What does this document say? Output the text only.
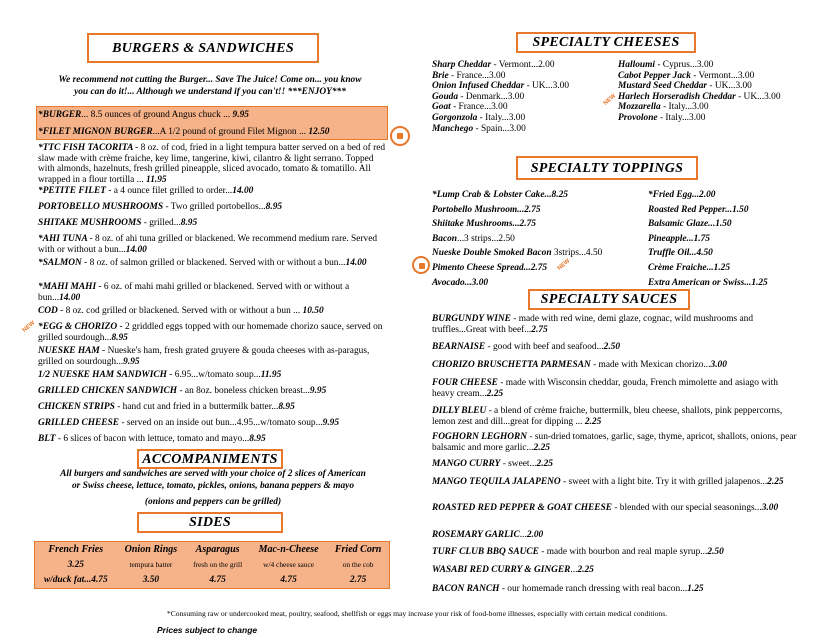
BURGERS & SANDWICHES
We recommend not cutting the Burger... Save The Juice! Come on... you know
you can do it!... Although we understand if you can't!! ***ENJOY***
*BURGER... 8.5 ounces of ground Angus chuck ... 9.95
*FILET MIGNON BURGER...A 1/2 pound of ground Filet Mignon ... 12.50
*TTC FISH TACORITA - 8 oz. of cod, fried in a light tempura batter served on a bed of red slaw made with crème fraiche, key lime, tangerine, kiwi, cilantro & light serrano. Topped with almonds, hazelnuts, fresh grilled pineapple, sliced avocado, tomato & tomatillo. All wrapped in a flour tortilla ... 11.95
*PETITE FILET - a 4 ounce filet grilled to order...14.00
PORTOBELLO MUSHROOMS - Two grilled portobellos...8.95
SHITAKE MUSHROOMS - grilled...8.95
*AHI TUNA - 8 oz. of ahi tuna grilled or blackened. We recommend medium rare. Served with or without a bun...14.00
*SALMON - 8 oz. of salmon grilled or blackened. Served with or without a bun...14.00
*MAHI MAHI - 6 oz. of mahi mahi grilled or blackened. Served with or without a bun...14.00
COD - 8 oz. cod grilled or blackened. Served with or without a bun ... 10.50
NEW *EGG & CHORIZO - 2 griddled eggs topped with our homemade chorizo sauce, served on grilled sourdough...8.95
NUESKE HAM - Nueske's ham, fresh grated gruyere & gouda cheeses with as-paragus, grilled on sourdough...9.95
1/2 NUESKE HAM SANDWICH - 6.95...w/tomato soup...11.95
GRILLED CHICKEN SANDWICH - an 8oz. boneless chicken breast...9.95
CHICKEN STRIPS - hand cut and fried in a buttermilk batter...8.95
GRILLED CHEESE - served on an inside out bun...4.95...w/tomato soup...9.95
BLT - 6 slices of bacon with lettuce, tomato and mayo...8.95
ACCOMPANIMENTS
All burgers and sandwiches are served with your choice of 2 slices of American
or Swiss cheese, lettuce, tomato, pickles, onions, banana peppers & mayo
(onions and peppers can be grilled)
SIDES
French Fries	Onion Rings	Asparagus	Mac-n-Cheese	Fried Corn
3.25	tempura batter	fresh on the grill	w/4 cheese sauce	on the cob
w/duck fat...4.75	3.50	4.75	4.75	2.75
SPECIALTY CHEESES
Sharp Cheddar - Vermont...2.00
Brie - France...3.00
Onion Infused Cheddar - UK...3.00
Gouda - Denmark...3.00
Goat - France...3.00
Gorgonzola - Italy...3.00
Manchego - Spain...3.00
NEW
Halloumi - Cyprus...3.00
Cabot Pepper Jack - Vermont...3.00
Mustard Seed Cheddar - UK...3.00
Harlech Horseradish Cheddar - UK...3.00
Mozzarella - Italy...3.00
Provolone - Italy...3.00
SPECIALTY TOPPINGS
*Lump Crab & Lobster Cake...8.25
Portobello Mushroom...2.75
Shiitake Mushrooms...2.75
Bacon...3 strips...2.50
Nueske Double Smoked Bacon 3strips...4.50
Pimento Cheese Spread...2.75
Avocado...3.00
NEW
*Fried Egg...2.00
Roasted Red Pepper...1.50
Balsamic Glaze...1.50
Pineapple...1.75
Truffle Oil...4.50
Crème Fraiche...1.25
Extra American or Swiss...1.25
SPECIALTY SAUCES
BURGUNDY WINE - made with red wine, demi glaze, cognac, wild mushrooms and truffles...Great with beef...2.75
BEARNAISE - good with beef and seafood...2.50
CHORIZO BRUSCHETTA PARMESAN - made with Mexican chorizo...3.00
FOUR CHEESE - made with Wisconsin cheddar, gouda, French mimolette and asiago with heavy cream...2.25
DILLY BLEU - a blend of crème fraiche, buttermilk, bleu cheese, shallots, pink peppercorns, lemon zest and dill...great for dipping ... 2.25
FOGHORN LEGHORN - sun-dried tomatoes, garlic, sage, thyme, apricot, shallots, onions, pear balsamic and more garlic...2.25
MANGO CURRY - sweet...2.25
MANGO TEQUILA JALAPENO - sweet with a light bite. Try it with grilled jalapenos...2.25
ROASTED RED PEPPER & GOAT CHEESE - blended with our special seasonings...3.00
ROSEMARY GARLIC...2.00
TURF CLUB BBQ SAUCE - made with bourbon and real maple syrup...2.50
WASABI RED CURRY & GINGER...2.25
BACON RANCH - our homemade ranch dressing with real bacon...1.25
*Consuming raw or undercooked meat, poultry, seafood, shellfish or eggs may increase your risk of food-borne illnesses, especially with certain medical conditions.
Prices subject to change
